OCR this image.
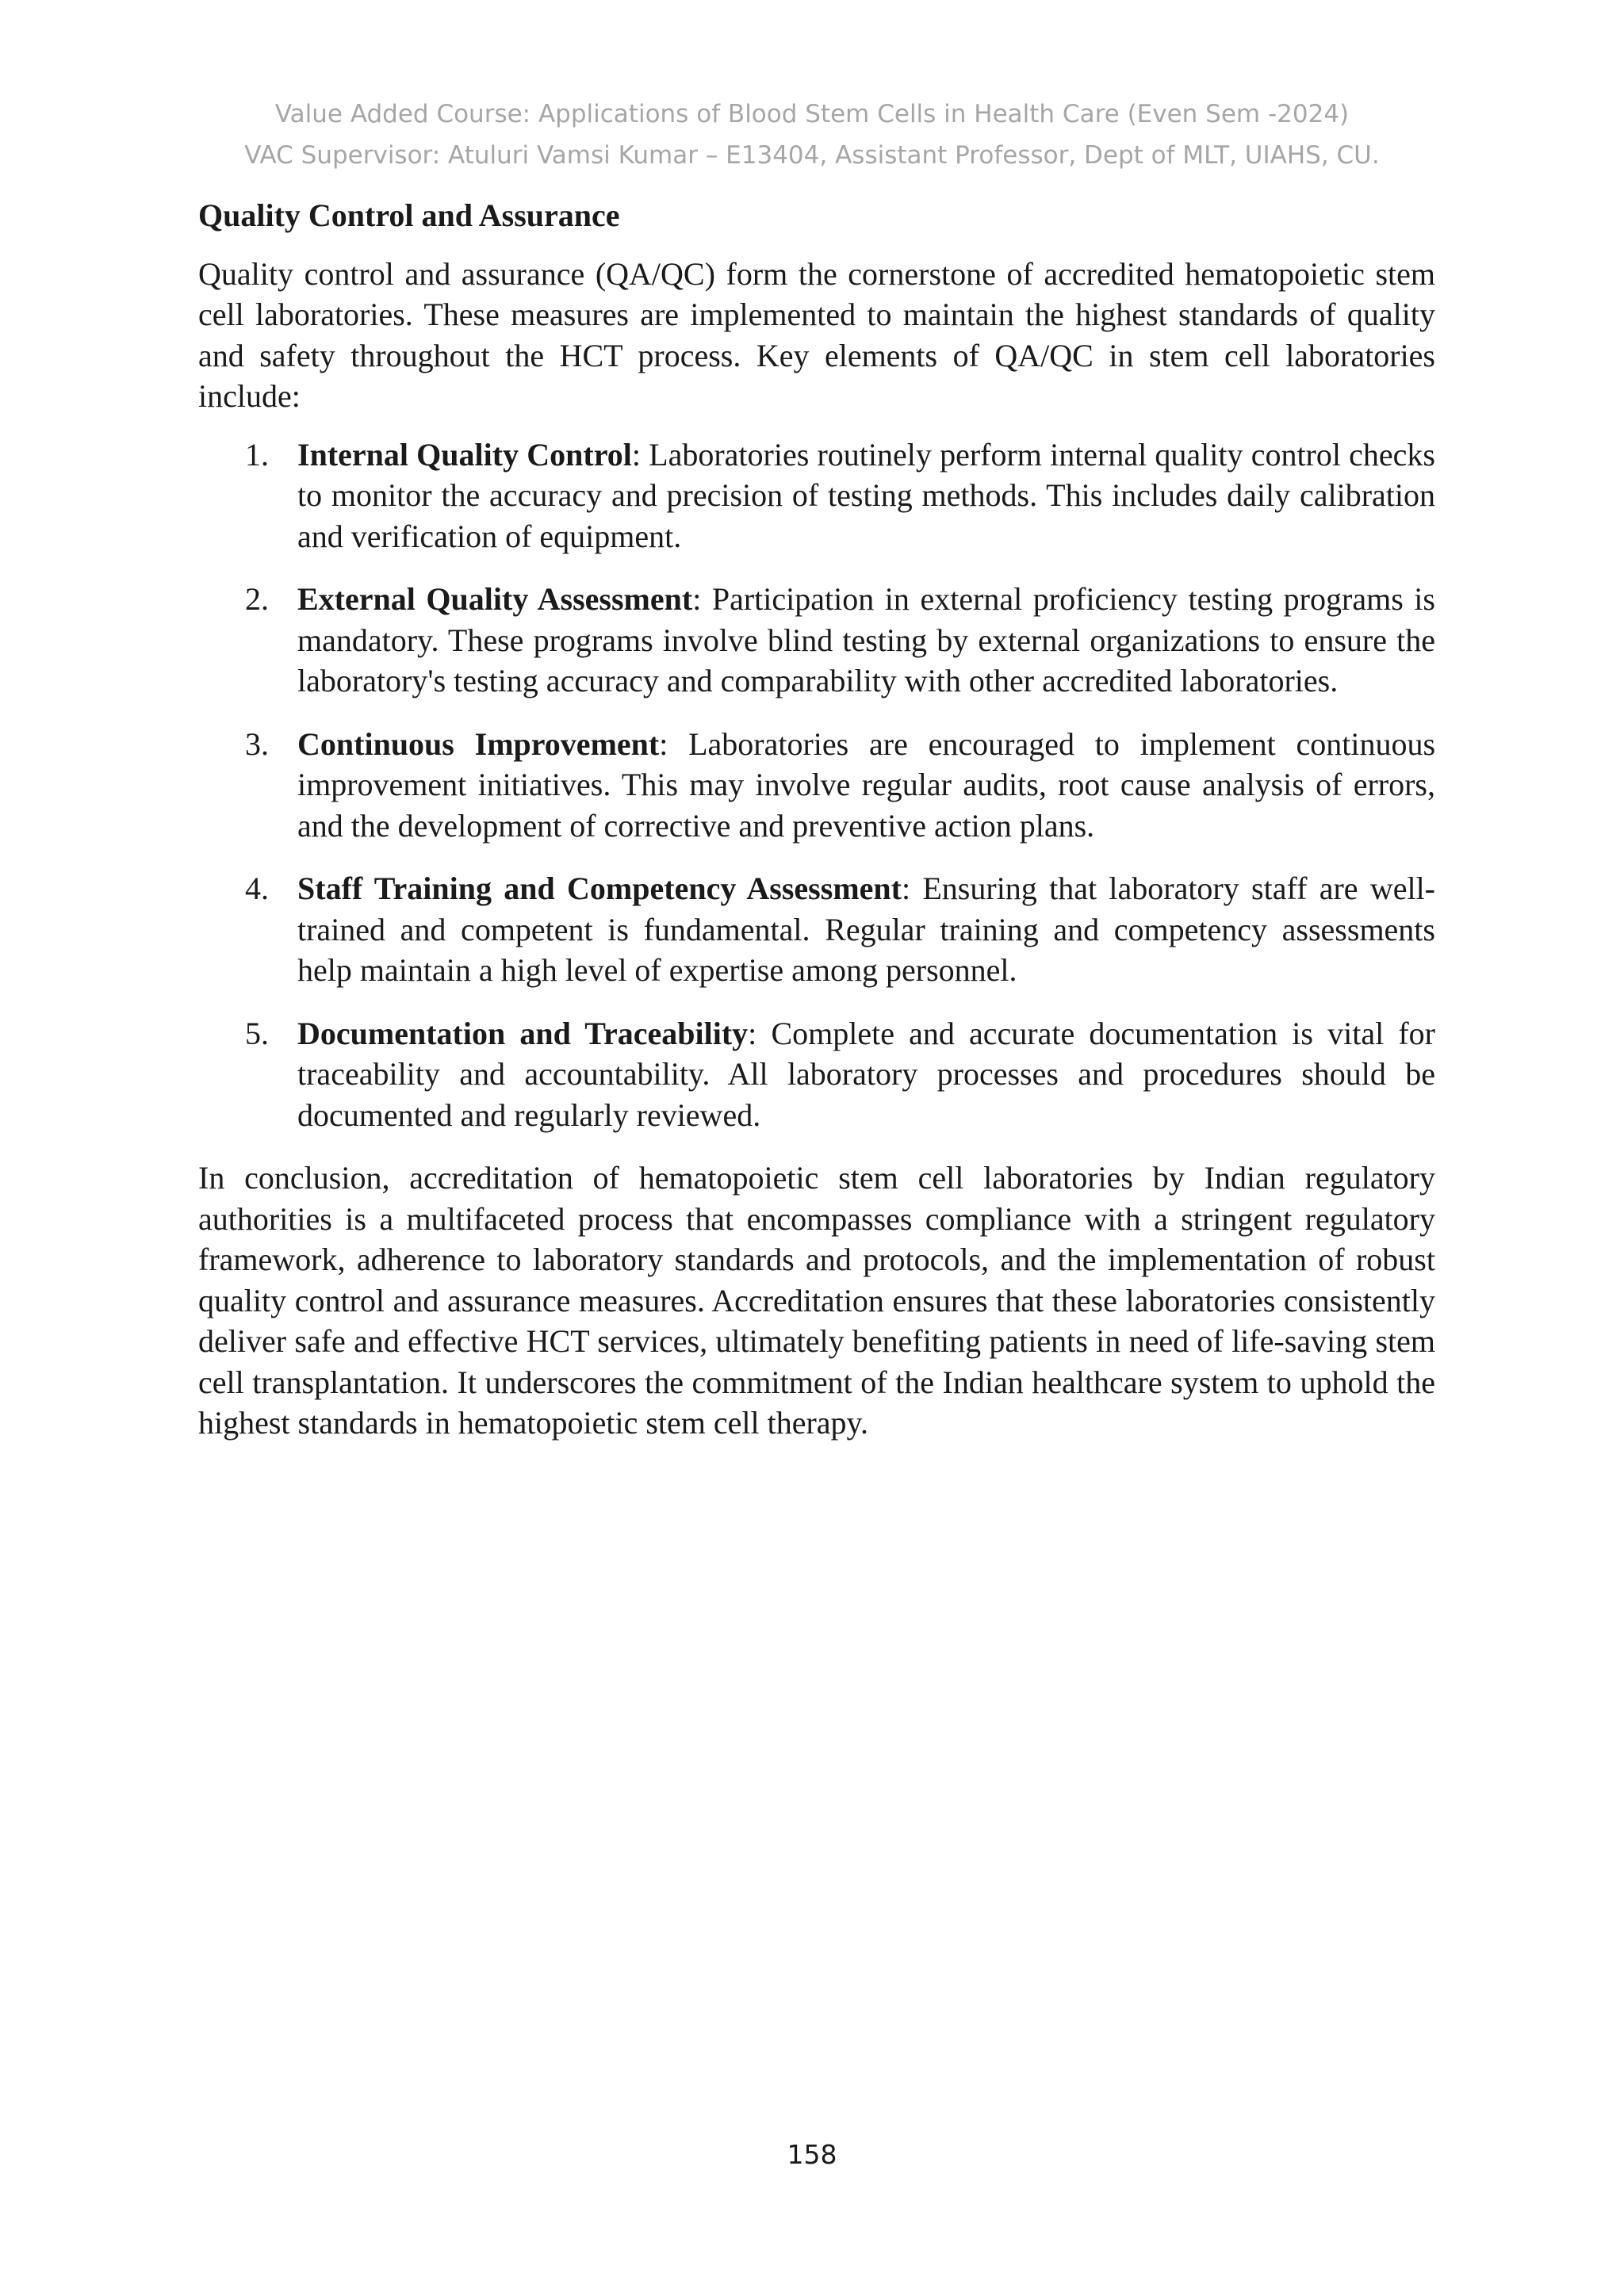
Value Added Course: Applications of Blood Stem Cells in Health Care (Even Sem -2024)
VAC Supervisor: Atuluri Vamsi Kumar – E13404, Assistant Professor, Dept of MLT, UIAHS, CU.

Quality Control and Assurance

Quality control and assurance (QA/QC) form the cornerstone of accredited hematopoietic stem cell laboratories. These measures are implemented to maintain the highest standards of quality and safety throughout the HCT process. Key elements of QA/QC in stem cell laboratories include:

1. Internal Quality Control: Laboratories routinely perform internal quality control checks to monitor the accuracy and precision of testing methods. This includes daily calibration and verification of equipment.
2. External Quality Assessment: Participation in external proficiency testing programs is mandatory. These programs involve blind testing by external organizations to ensure the laboratory's testing accuracy and comparability with other accredited laboratories.
3. Continuous Improvement: Laboratories are encouraged to implement continuous improvement initiatives. This may involve regular audits, root cause analysis of errors, and the development of corrective and preventive action plans.
4. Staff Training and Competency Assessment: Ensuring that laboratory staff are well-trained and competent is fundamental. Regular training and competency assessments help maintain a high level of expertise among personnel.
5. Documentation and Traceability: Complete and accurate documentation is vital for traceability and accountability. All laboratory processes and procedures should be documented and regularly reviewed.

In conclusion, accreditation of hematopoietic stem cell laboratories by Indian regulatory authorities is a multifaceted process that encompasses compliance with a stringent regulatory framework, adherence to laboratory standards and protocols, and the implementation of robust quality control and assurance measures. Accreditation ensures that these laboratories consistently deliver safe and effective HCT services, ultimately benefiting patients in need of life-saving stem cell transplantation. It underscores the commitment of the Indian healthcare system to uphold the highest standards in hematopoietic stem cell therapy.

158
